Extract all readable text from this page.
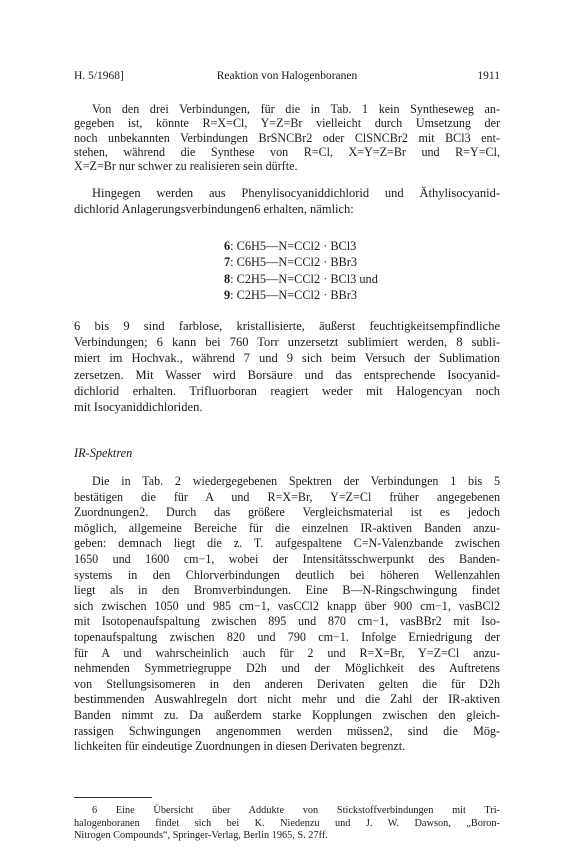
H. 5/1968]	Reaktion von Halogenboranen	1911
Von den drei Verbindungen, für die in Tab. 1 kein Syntheseweg an-
gegeben ist, könnte R=X=Cl, Y=Z=Br vielleicht durch Umsetzung der
noch unbekannten Verbindungen BrSNCBr2 oder ClSNCBr2 mit BCl3 ent-
stehen, während die Synthese von R=Cl, X=Y=Z=Br und R=Y=Cl,
X=Z=Br nur schwer zu realisieren sein dürfte.
Hingegen werden aus Phenylisocyaniddichlorid und Äthylisocyanid-
dichlorid Anlagerungsverbindungen6 erhalten, nämlich:
6: C6H5—N=CCl2 · BCl3
7: C6H5—N=CCl2 · BBr3
8: C2H5—N=CCl2 · BCl3 und
9: C2H5—N=CCl2 · BBr3
6 bis 9 sind farblose, kristallisierte, äußerst feuchtigkeitsempfindliche
Verbindungen; 6 kann bei 760 Torr unzersetzt sublimiert werden, 8 subli-
miert im Hochvak., während 7 und 9 sich beim Versuch der Sublimation
zersetzen. Mit Wasser wird Borsäure und das entsprechende Isocyanid-
dichlorid erhalten. Trifluorboran reagiert weder mit Halogencyan noch
mit Isocyaniddichloriden.
IR-Spektren
Die in Tab. 2 wiedergegebenen Spektren der Verbindungen 1 bis 5
bestätigen die für A und R=X=Br, Y=Z=Cl früher angegebenen
Zuordnungen2. Durch das größere Vergleichsmaterial ist es jedoch
möglich, allgemeine Bereiche für die einzelnen IR-aktiven Banden anzu-
geben: demnach liegt die z. T. aufgespaltene C=N-Valenzbande zwischen
1650 und 1600 cm−1, wobei der Intensitätsschwerpunkt des Banden-
systems in den Chlorverbindungen deutlich bei höheren Wellenzahlen
liegt als in den Bromverbindungen. Eine B—N-Ringschwingung findet
sich zwischen 1050 und 985 cm−1, νasCCl2 knapp über 900 cm−1, νasBCl2
mit Isotopenaufspaltung zwischen 895 und 870 cm−1, νasBBr2 mit Iso-
topenaufspaltung zwischen 820 und 790 cm−1. Infolge Erniedrigung der
für A und wahrscheinlich auch für 2 und R=X=Br, Y=Z=Cl anzu-
nehmenden Symmetriegruppe D2h und der Möglichkeit des Auftretens
von Stellungsisomeren in den anderen Derivaten gelten die für D2h
bestimmenden Auswahlregeln dort nicht mehr und die Zahl der IR-aktiven
Banden nimmt zu. Da außerdem starke Kopplungen zwischen den gleich-
rassigen Schwingungen angenommen werden müssen2, sind die Mög-
lichkeiten für eindeutige Zuordnungen in diesen Derivaten begrenzt.
6 Eine Übersicht über Addukte von Stickstoffverbindungen mit Tri-
halogenboranen findet sich bei K. Niedenzu und J. W. Dawson, „Boron-
Nitrogen Compounds“, Springer-Verlag, Berlin 1965, S. 27ff.
